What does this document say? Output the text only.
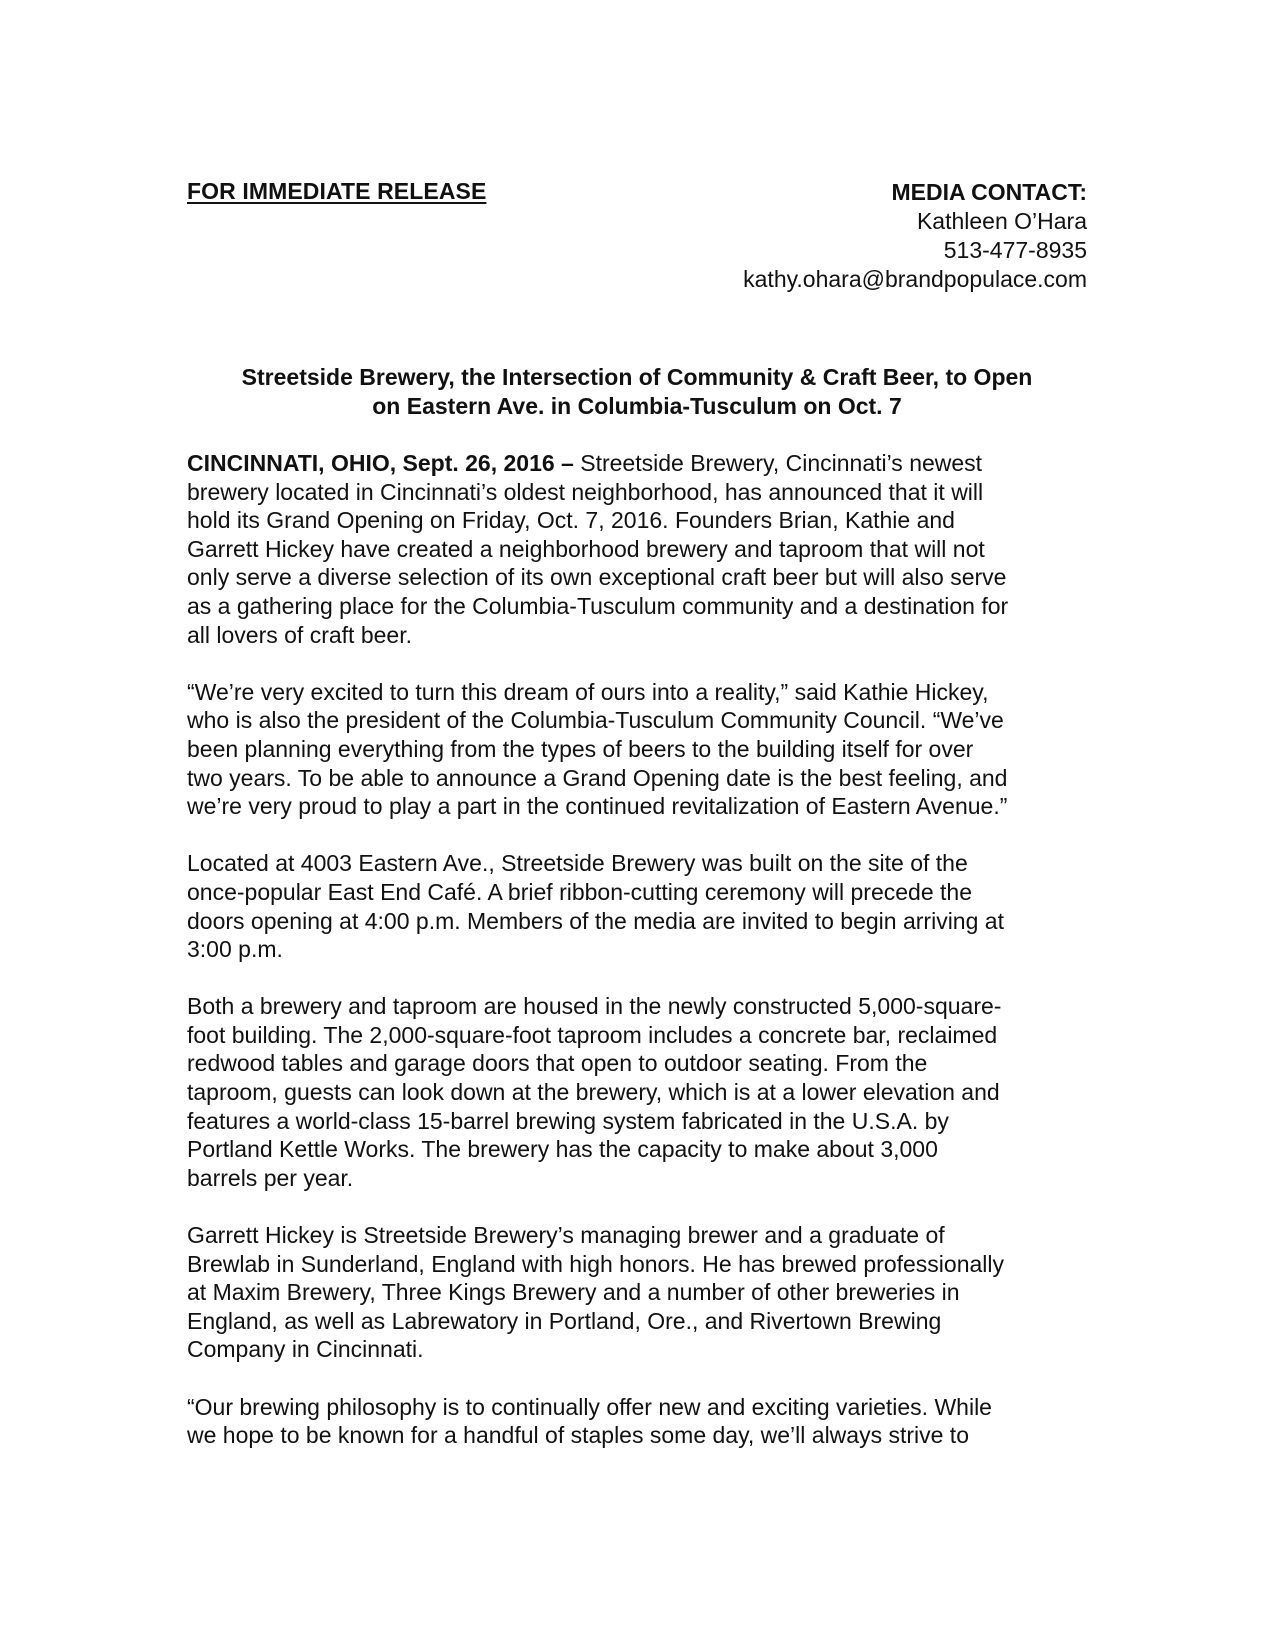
FOR IMMEDIATE RELEASE	MEDIA CONTACT:
Kathleen O’Hara
513-477-8935
kathy.ohara@brandpopulace.com
Streetside Brewery, the Intersection of Community & Craft Beer, to Open
on Eastern Ave. in Columbia-Tusculum on Oct. 7
CINCINNATI, OHIO, Sept. 26, 2016 – Streetside Brewery, Cincinnati’s newest
brewery located in Cincinnati’s oldest neighborhood, has announced that it will
hold its Grand Opening on Friday, Oct. 7, 2016. Founders Brian, Kathie and
Garrett Hickey have created a neighborhood brewery and taproom that will not
only serve a diverse selection of its own exceptional craft beer but will also serve
as a gathering place for the Columbia-Tusculum community and a destination for
all lovers of craft beer.
“We’re very excited to turn this dream of ours into a reality,” said Kathie Hickey,
who is also the president of the Columbia-Tusculum Community Council. “We’ve
been planning everything from the types of beers to the building itself for over
two years. To be able to announce a Grand Opening date is the best feeling, and
we’re very proud to play a part in the continued revitalization of Eastern Avenue.”
Located at 4003 Eastern Ave., Streetside Brewery was built on the site of the
once-popular East End Café. A brief ribbon-cutting ceremony will precede the
doors opening at 4:00 p.m. Members of the media are invited to begin arriving at
3:00 p.m.
Both a brewery and taproom are housed in the newly constructed 5,000-square-
foot building. The 2,000-square-foot taproom includes a concrete bar, reclaimed
redwood tables and garage doors that open to outdoor seating. From the
taproom, guests can look down at the brewery, which is at a lower elevation and
features a world-class 15-barrel brewing system fabricated in the U.S.A. by
Portland Kettle Works. The brewery has the capacity to make about 3,000
barrels per year.
Garrett Hickey is Streetside Brewery’s managing brewer and a graduate of
Brewlab in Sunderland, England with high honors. He has brewed professionally
at Maxim Brewery, Three Kings Brewery and a number of other breweries in
England, as well as Labrewatory in Portland, Ore., and Rivertown Brewing
Company in Cincinnati.
“Our brewing philosophy is to continually offer new and exciting varieties. While
we hope to be known for a handful of staples some day, we’ll always strive to
